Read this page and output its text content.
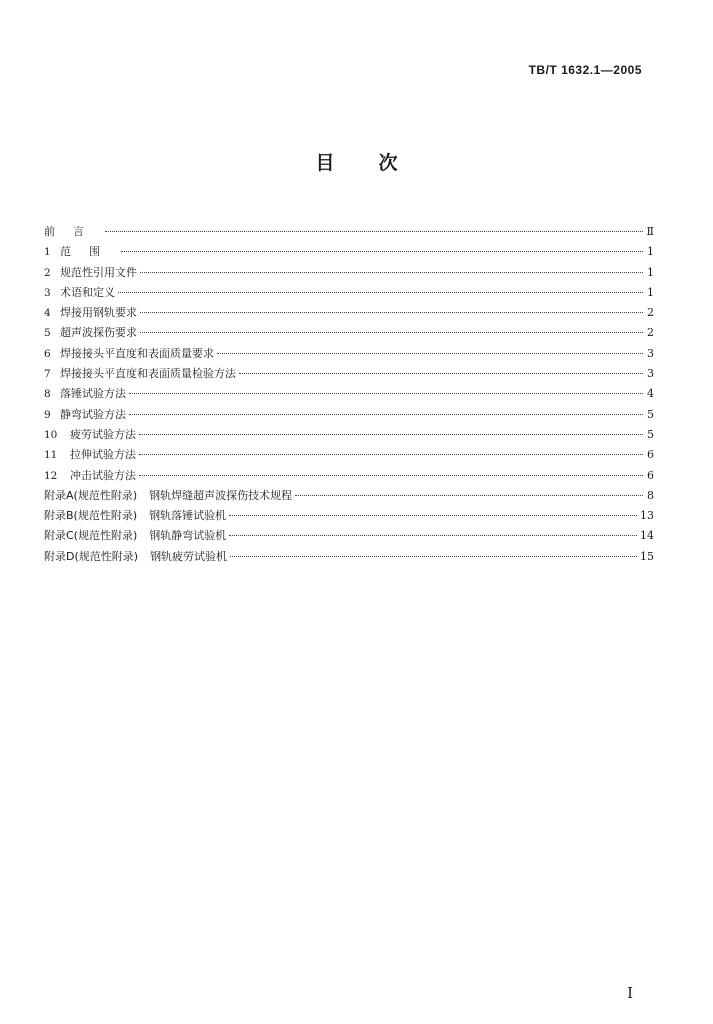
TB/T 1632.1—2005
目次
前言	Ⅱ
1 范围	1
2 规范性引用文件	1
3 术语和定义	1
4 焊接用钢轨要求	2
5 超声波探伤要求	2
6 焊接接头平直度和表面质量要求	3
7 焊接接头平直度和表面质量检验方法	3
8 落锤试验方法	4
9 静弯试验方法	5
10	疲劳试验方法	5
11	拉伸试验方法	6
12	冲击试验方法	6
附录A(规范性附录) 钢轨焊缝超声波探伤技术规程	8
附录B(规范性附录) 钢轨落锤试验机	13
附录C(规范性附录) 钢轨静弯试验机	14
附录D(规范性附录) 钢轨疲劳试验机	15
I
